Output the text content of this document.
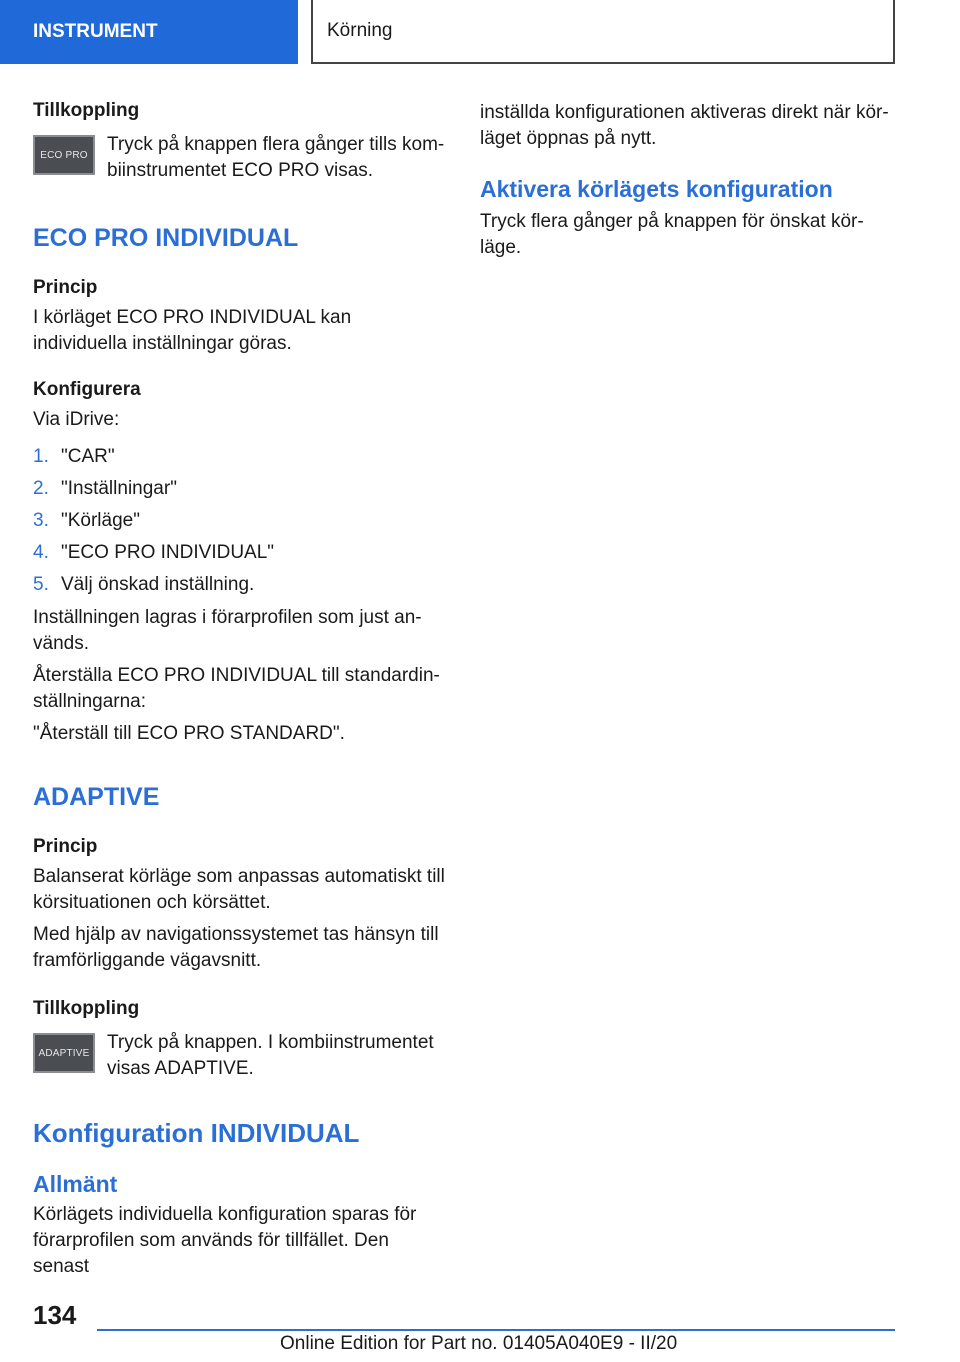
INSTRUMENT	Körning
Tillkoppling
ECO PRO	Tryck på knappen flera gånger tills kom-biinstrumentet ECO PRO visas.

ECO PRO INDIVIDUAL
Princip

I körläget ECO PRO INDIVIDUAL kan individuella inställningar göras.

Konfigurera

Via iDrive:

1. "CAR"
2. "Inställningar"
3. "Körläge"
4. "ECO PRO INDIVIDUAL"
5. Välj önskad inställning.

Inställningen lagras i förarprofilen som just an-vänds.

Återställa ECO PRO INDIVIDUAL till standardin-ställningarna:

"Återställ till ECO PRO STANDARD".

ADAPTIVE
Princip

Balanserat körläge som anpassas automatiskt till körsituationen och körsättet.

Med hjälp av navigationssystemet tas hänsyn till framförliggande vägavsnitt.

Tillkoppling
ADAPTIVE Tryck på knappen. I kombiinstrumentet visas ADAPTIVE.

Konfiguration INDIVIDUAL
Allmänt

Körlägets individuella konfiguration sparas för förarprofilen som används för tillfället. Den senast

inställda konfigurationen aktiveras direkt när kör-läget öppnas på nytt.

Aktivera körlägets konfiguration

Tryck flera gånger på knappen för önskat kör-läge.

134
Online Edition for Part no. 01405A040E9 - II/20
